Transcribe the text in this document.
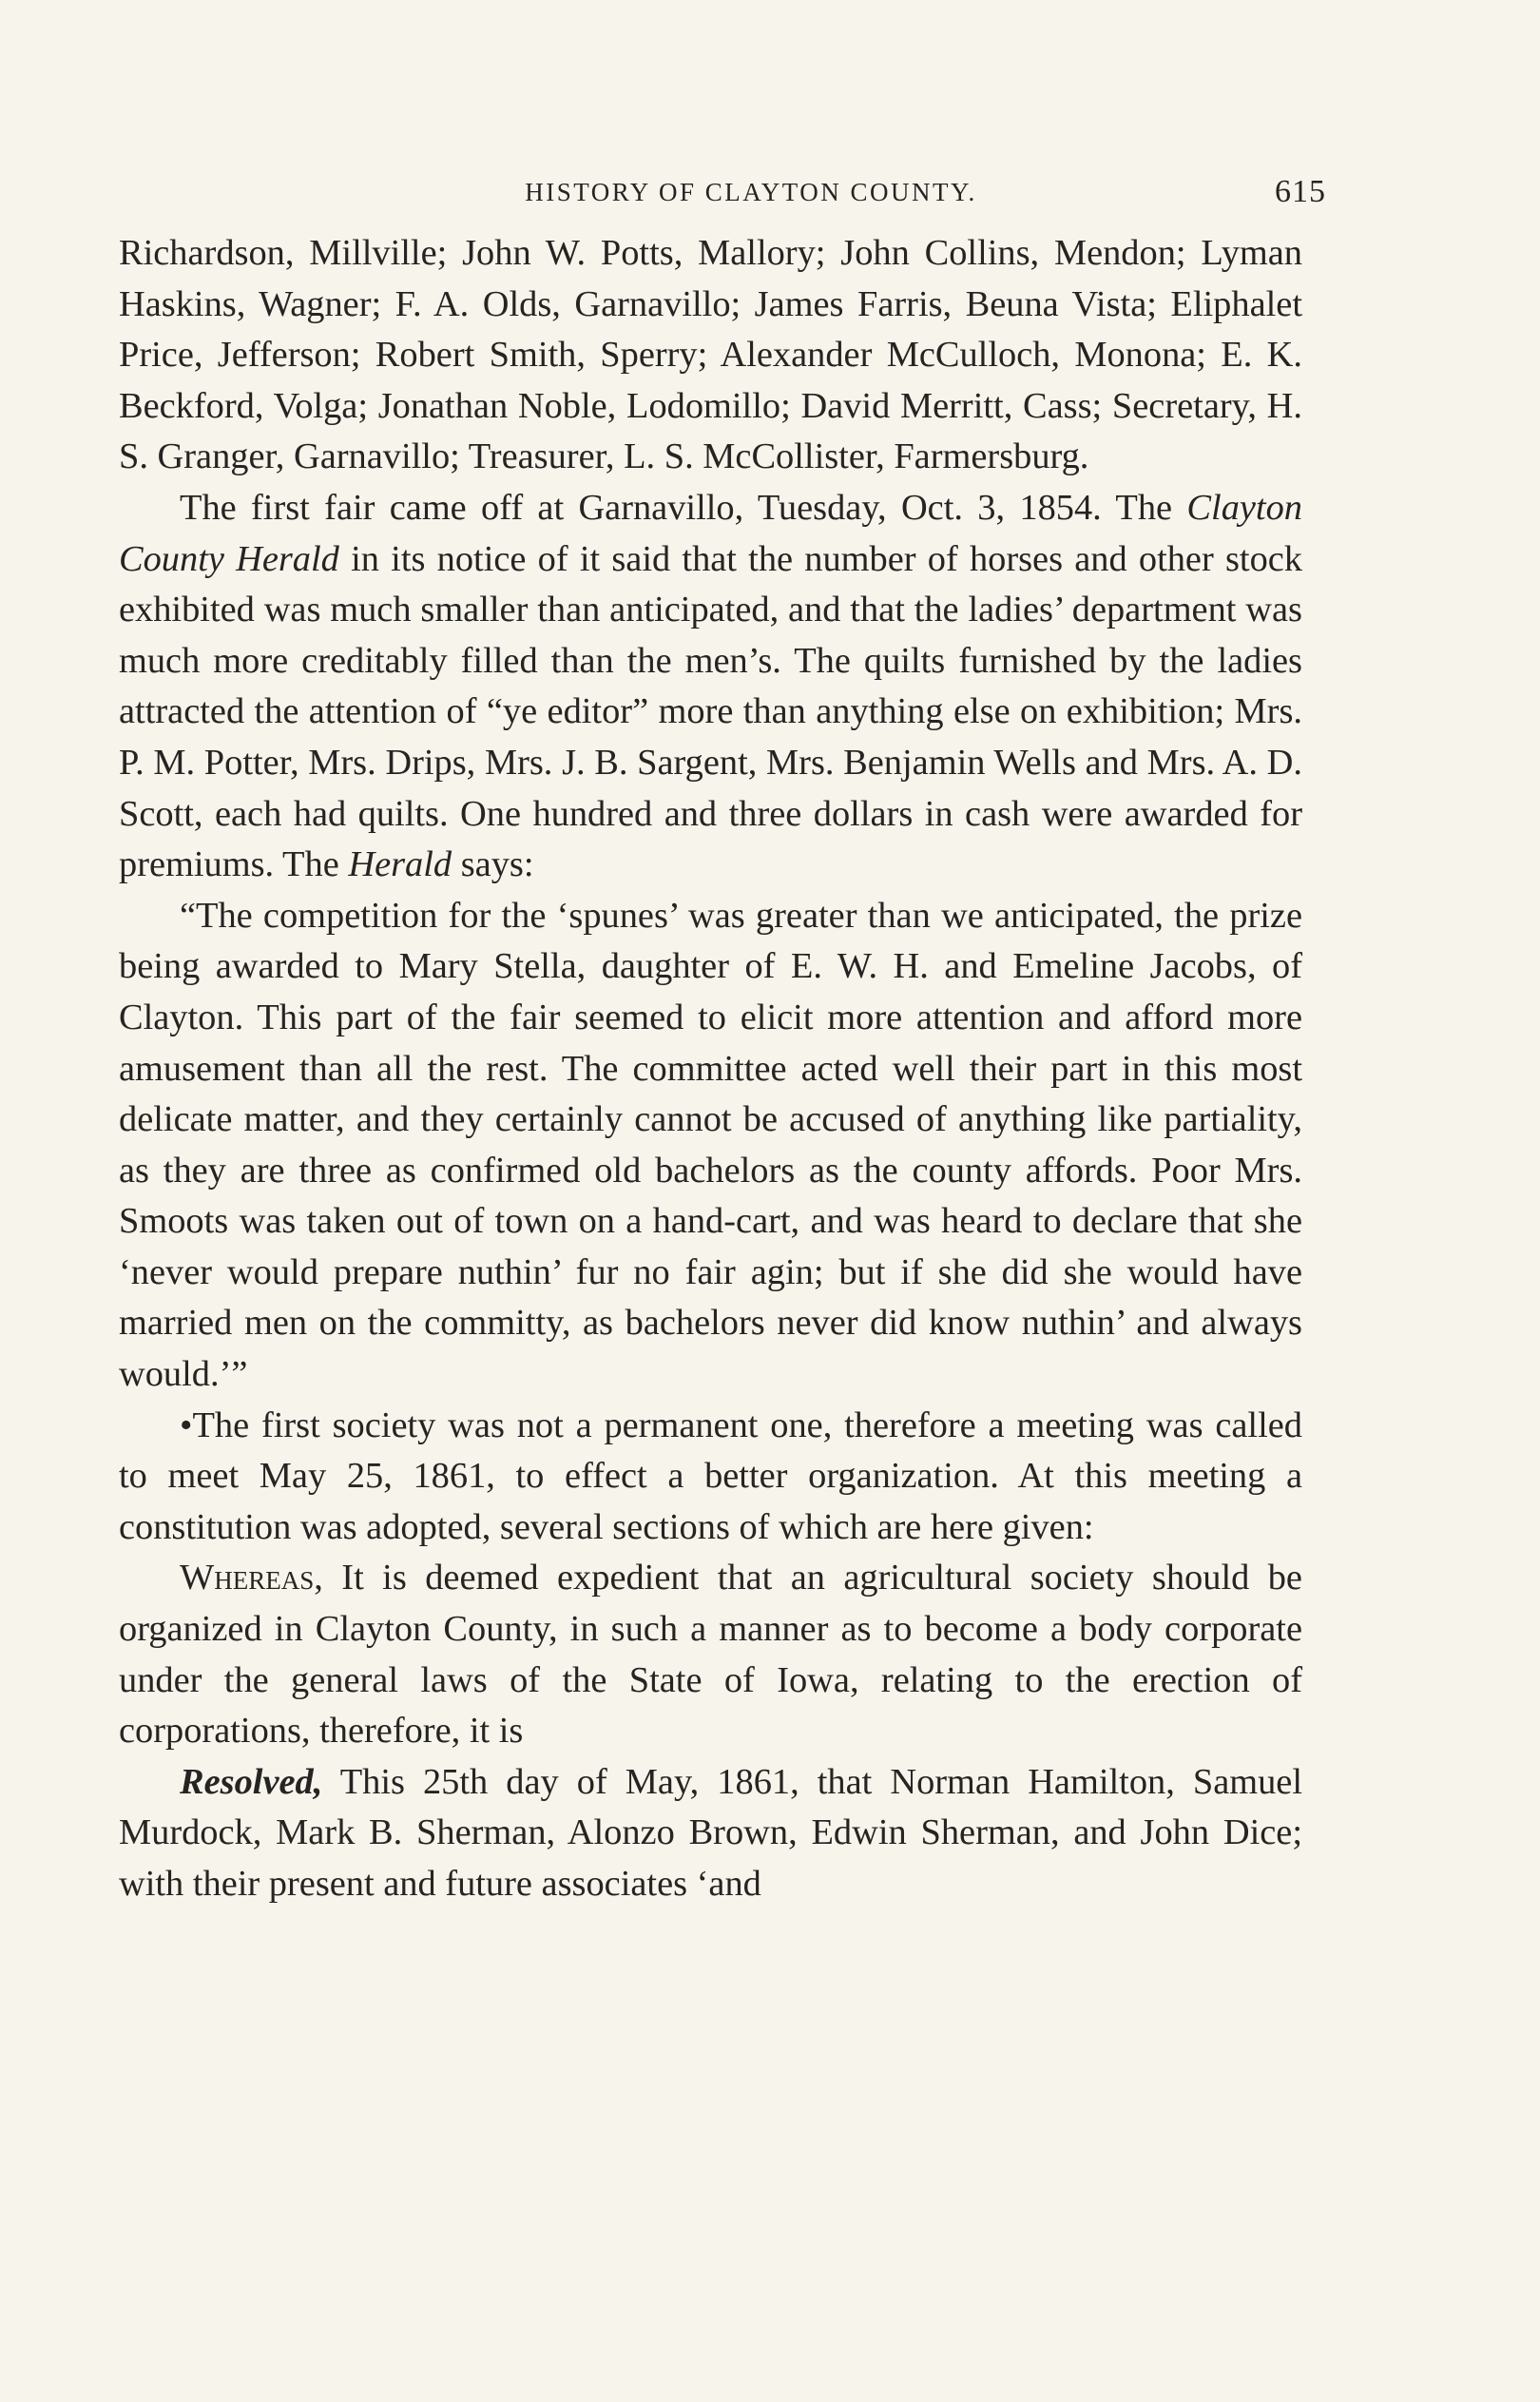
HISTORY OF CLAYTON COUNTY.	615

Richardson, Millville; John W. Potts, Mallory; John Collins, Mendon; Lyman Haskins, Wagner; F. A. Olds, Garnavillo; James Farris, Beuna Vista; Eliphalet Price, Jefferson; Robert Smith, Sperry; Alexander McCulloch, Monona; E. K. Beckford, Volga; Jonathan Noble, Lodomillo; David Merritt, Cass; Secretary, H. S. Granger, Garnavillo; Treasurer, L. S. McCollister, Farmersburg.

The first fair came off at Garnavillo, Tuesday, Oct. 3, 1854. The Clayton County Herald in its notice of it said that the number of horses and other stock exhibited was much smaller than anticipated, and that the ladies’ department was much more creditably filled than the men’s. The quilts furnished by the ladies attracted the attention of “ye editor” more than anything else on exhibition; Mrs. P. M. Potter, Mrs. Drips, Mrs. J. B. Sargent, Mrs. Benjamin Wells and Mrs. A. D. Scott, each had quilts. One hundred and three dollars in cash were awarded for premiums. The Herald says:

“The competition for the ‘spunes’ was greater than we anticipated, the prize being awarded to Mary Stella, daughter of E. W. H. and Emeline Jacobs, of Clayton. This part of the fair seemed to elicit more attention and afford more amusement than all the rest. The committee acted well their part in this most delicate matter, and they certainly cannot be accused of anything like partiality, as they are three as confirmed old bachelors as the county affords. Poor Mrs. Smoots was taken out of town on a hand-cart, and was heard to declare that she ‘never would prepare nuthin’ fur no fair agin; but if she did she would have married men on the committy, as bachelors never did know nuthin’ and always would.’”

•The first society was not a permanent one, therefore a meeting was called to meet May 25, 1861, to effect a better organization. At this meeting a constitution was adopted, several sections of which are here given:

Whereas, It is deemed expedient that an agricultural society should be organized in Clayton County, in such a manner as to become a body corporate under the general laws of the State of Iowa, relating to the erection of corporations, therefore, it is

Resolved, This 25th day of May, 1861, that Norman Hamilton, Samuel Murdock, Mark B. Sherman, Alonzo Brown, Edwin Sherman, and John Dice; with their present and future associates ‘and
